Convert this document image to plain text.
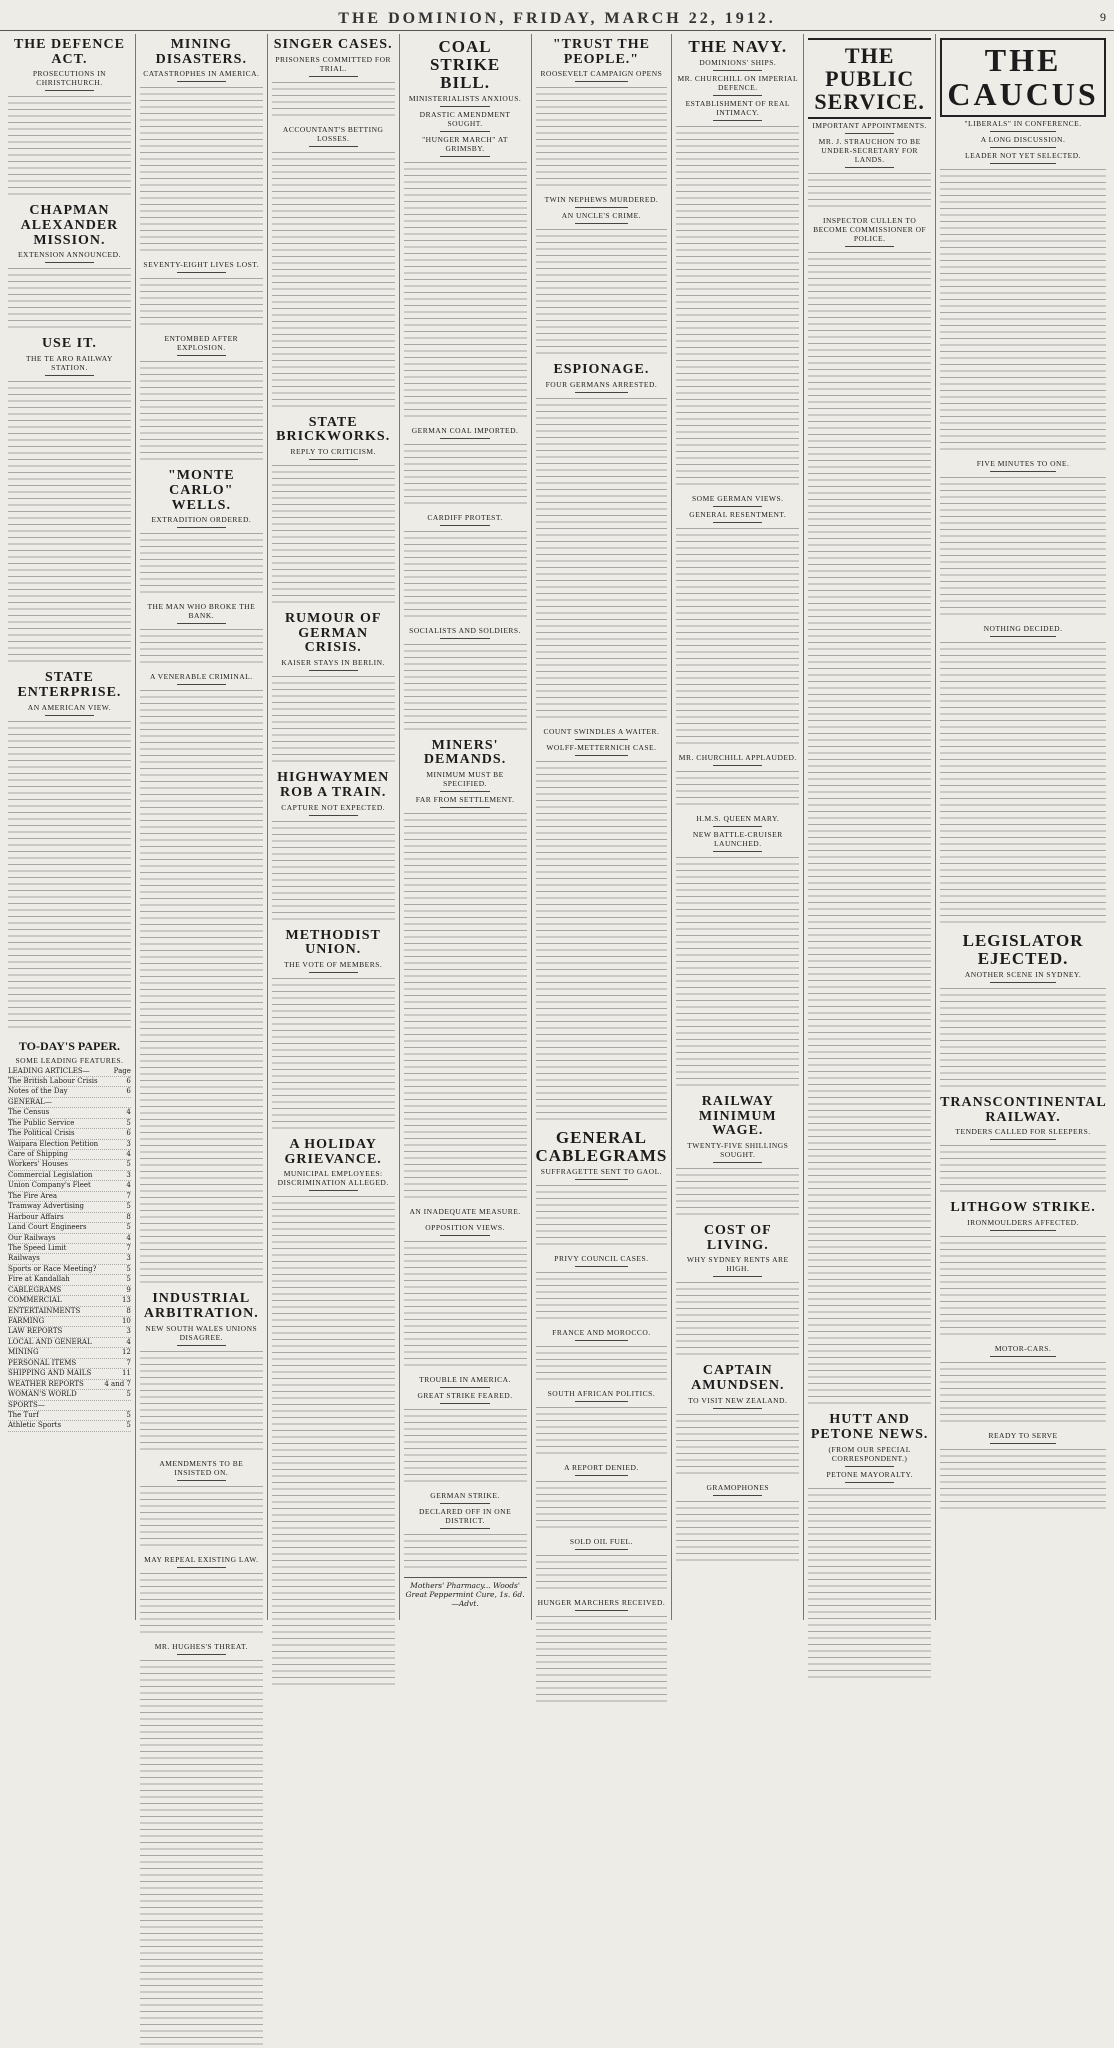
THE DOMINION, FRIDAY, MARCH 22, 1912.	9
THE DEFENCE ACT.
PROSECUTIONS IN CHRISTCHURCH.
CHAPMAN ALEXANDER MISSION.
EXTENSION ANNOUNCED.
USE IT.
THE TE ARO RAILWAY STATION.
STATE ENTERPRISE.
AN AMERICAN VIEW.
TO-DAY'S PAPER.
SOME LEADING FEATURES.
LEADING ARTICLES—	Page
The British Labour Crisis	6
Notes of the Day	6
GENERAL—
The Census	4
The Public Service	5
The Political Crisis	6
Waipara Election Petition	3
Care of Shipping	4
Workers' Houses	5
Commercial Legislation	3
Union Company's Fleet	4
The Fire Area	7
Tramway Advertising	5
Harbour Affairs	8
Land Court Engineers	5
Our Railways	4
The Speed Limit	7
Railways	3
Sports or Race Meeting?	5
Fire at Kandallah	5
CABLEGRAMS	9
COMMERCIAL	13
ENTERTAINMENTS	8
FARMING	10
LAW REPORTS	3
LOCAL AND GENERAL	4
MINING	12
PERSONAL ITEMS	7
SHIPPING AND MAILS	11
WEATHER REPORTS	4 and 7
WOMAN'S WORLD	5
SPORTS—
The Turf	5
Athletic Sports	5
MINING DISASTERS.
CATASTROPHES IN AMERICA.
SEVENTY-EIGHT LIVES LOST.
ENTOMBED AFTER EXPLOSION.
"MONTE CARLO" WELLS.
EXTRADITION ORDERED.
THE MAN WHO BROKE THE BANK.
A VENERABLE CRIMINAL.
INDUSTRIAL ARBITRATION.
NEW SOUTH WALES UNIONS DISAGREE.
AMENDMENTS TO BE INSISTED ON.
MAY REPEAL EXISTING LAW.
MR. HUGHES'S THREAT.
SINGER CASES.
PRISONERS COMMITTED FOR TRIAL.
ACCOUNTANT'S BETTING LOSSES.
STATE BRICKWORKS.
REPLY TO CRITICISM.
RUMOUR OF GERMAN CRISIS.
KAISER STAYS IN BERLIN.
HIGHWAYMEN ROB A TRAIN.
CAPTURE NOT EXPECTED.
METHODIST UNION.
THE VOTE OF MEMBERS.
A HOLIDAY GRIEVANCE.
MUNICIPAL EMPLOYEES: DISCRIMINATION ALLEGED.
COAL STRIKE BILL.
MINISTERIALISTS ANXIOUS.
DRASTIC AMENDMENT SOUGHT.
"HUNGER MARCH" AT GRIMSBY.
GERMAN COAL IMPORTED.
CARDIFF PROTEST.
SOCIALISTS AND SOLDIERS.
MINERS' DEMANDS.
MINIMUM MUST BE SPECIFIED.
FAR FROM SETTLEMENT.
AN INADEQUATE MEASURE.
OPPOSITION VIEWS.
TROUBLE IN AMERICA.
GREAT STRIKE FEARED.
GERMAN STRIKE.
DECLARED OFF IN ONE DISTRICT.
Mothers' Pharmacy... Woods' Great Peppermint Cure, 1s. 6d.—Advt.
"TRUST THE PEOPLE."
ROOSEVELT CAMPAIGN OPENS
TWIN NEPHEWS MURDERED.
AN UNCLE'S CRIME.
ESPIONAGE.
FOUR GERMANS ARRESTED.
COUNT SWINDLES A WAITER.
WOLFF-METTERNICH CASE.
GENERAL CABLEGRAMS
SUFFRAGETTE SENT TO GAOL.
PRIVY COUNCIL CASES.
FRANCE AND MOROCCO.
SOUTH AFRICAN POLITICS.
A REPORT DENIED.
SOLD OIL FUEL.
HUNGER MARCHERS RECEIVED.
THE NAVY.
DOMINIONS' SHIPS.
MR. CHURCHILL ON IMPERIAL DEFENCE.
ESTABLISHMENT OF REAL INTIMACY.
SOME GERMAN VIEWS.
GENERAL RESENTMENT.
MR. CHURCHILL APPLAUDED.
H.M.S. QUEEN MARY.
NEW BATTLE-CRUISER LAUNCHED.
RAILWAY MINIMUM WAGE.
TWENTY-FIVE SHILLINGS SOUGHT.
COST OF LIVING.
WHY SYDNEY RENTS ARE HIGH.
CAPTAIN AMUNDSEN.
TO VISIT NEW ZEALAND.
GRAMOPHONES
THE PUBLIC SERVICE.
IMPORTANT APPOINTMENTS.
MR. J. STRAUCHON TO BE UNDER-SECRETARY FOR LANDS.
INSPECTOR CULLEN TO BECOME COMMISSIONER OF POLICE.
HUTT AND PETONE NEWS.
(FROM OUR SPECIAL CORRESPONDENT.)
PETONE MAYORALTY.
THE CAUCUS
"LIBERALS" IN CONFERENCE.
A LONG DISCUSSION.
LEADER NOT YET SELECTED.
FIVE MINUTES TO ONE.
NOTHING DECIDED.
LEGISLATOR EJECTED.
ANOTHER SCENE IN SYDNEY.
TRANSCONTINENTAL RAILWAY.
TENDERS CALLED FOR SLEEPERS.
LITHGOW STRIKE.
IRONMOULDERS AFFECTED.
MOTOR-CARS.
READY TO SERVE
